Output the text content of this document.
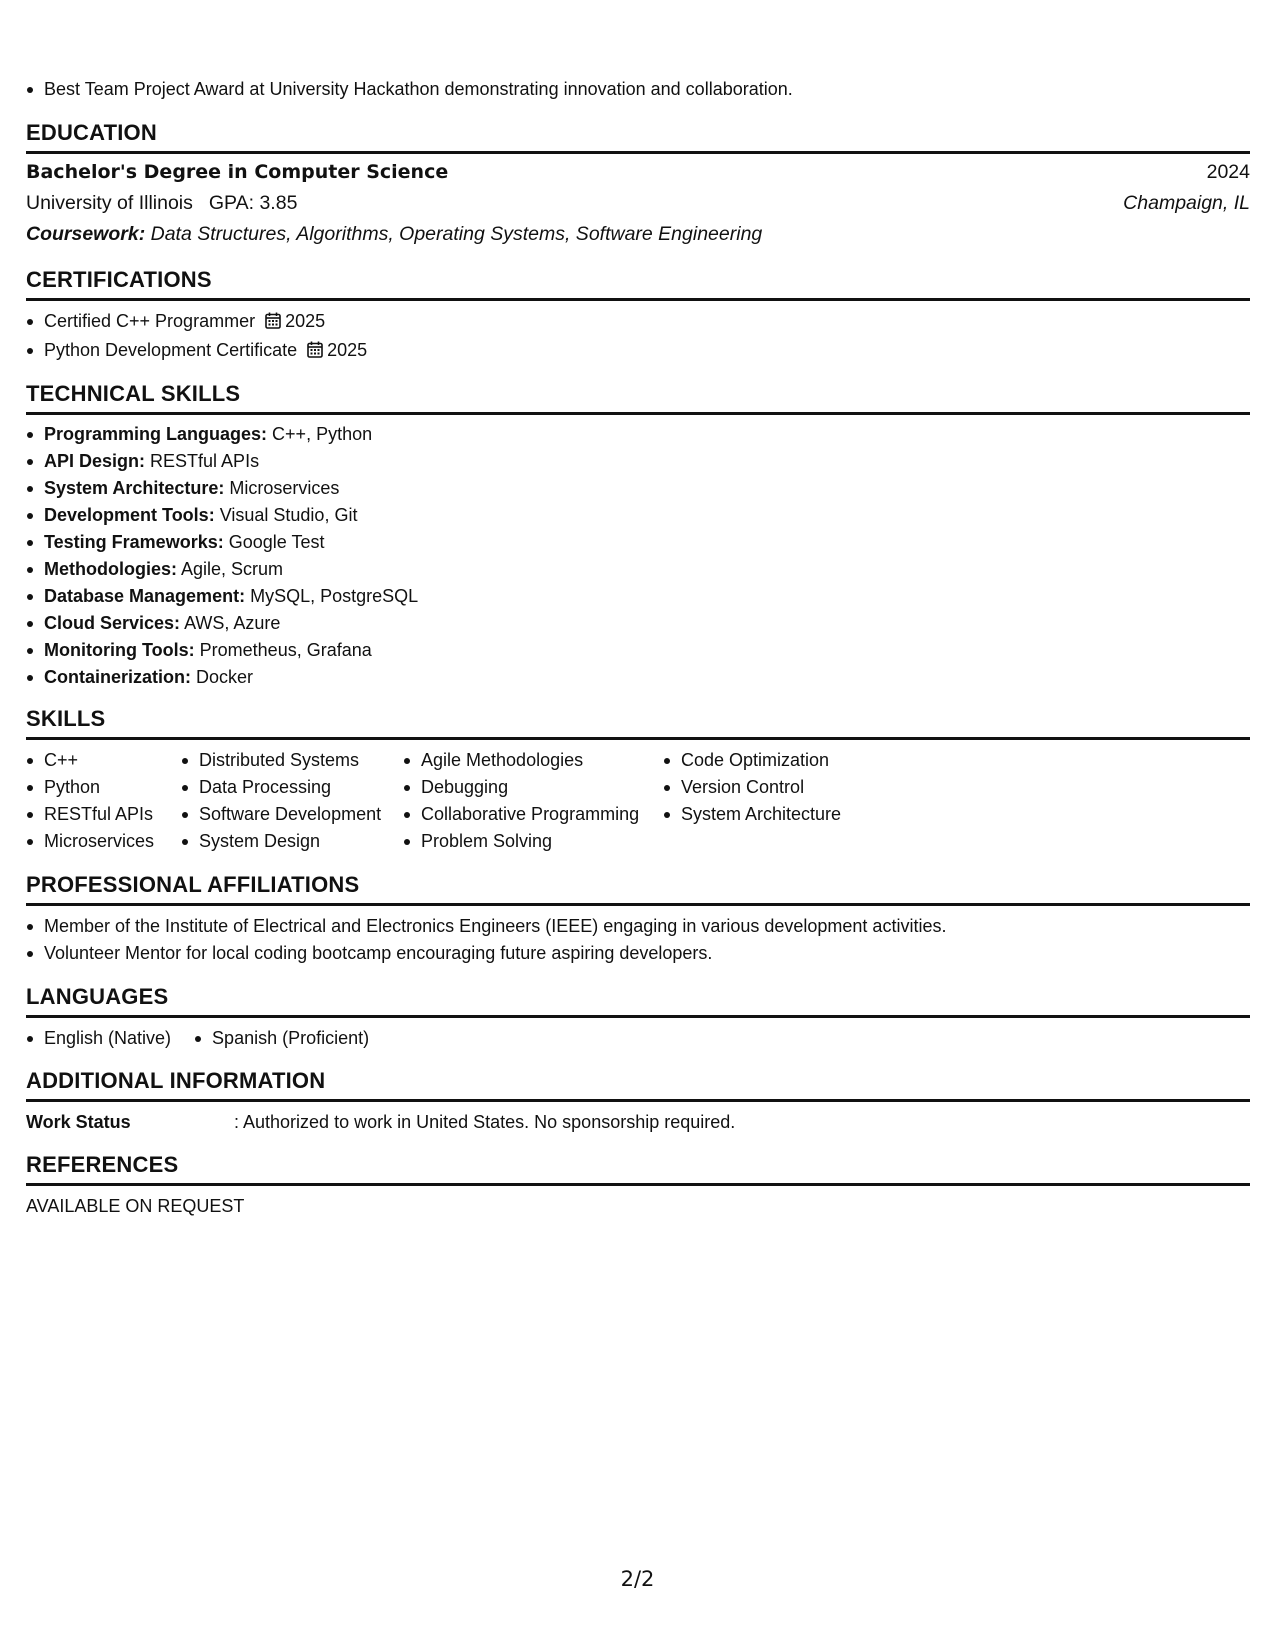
Best Team Project Award at University Hackathon demonstrating innovation and collaboration.
EDUCATION
Bachelor's Degree in Computer Science	2024
University of Illinois GPA: 3.85	Champaign, IL
Coursework: Data Structures, Algorithms, Operating Systems, Software Engineering
CERTIFICATIONS
Certified C++ Programmer 2025
Python Development Certificate 2025
TECHNICAL SKILLS
Programming Languages: C++, Python
API Design: RESTful APIs
System Architecture: Microservices
Development Tools: Visual Studio, Git
Testing Frameworks: Google Test
Methodologies: Agile, Scrum
Database Management: MySQL, PostgreSQL
Cloud Services: AWS, Azure
Monitoring Tools: Prometheus, Grafana
Containerization: Docker
SKILLS
C++
Python
RESTful APIs
Microservices
Distributed Systems
Data Processing
Software Development
System Design
Agile Methodologies
Debugging
Collaborative Programming
Problem Solving
Code Optimization
Version Control
System Architecture
PROFESSIONAL AFFILIATIONS
Member of the Institute of Electrical and Electronics Engineers (IEEE) engaging in various development activities.
Volunteer Mentor for local coding bootcamp encouraging future aspiring developers.
LANGUAGES
English (Native)	Spanish (Proficient)
ADDITIONAL INFORMATION
Work Status	: Authorized to work in United States. No sponsorship required.
REFERENCES
AVAILABLE ON REQUEST
2/2
